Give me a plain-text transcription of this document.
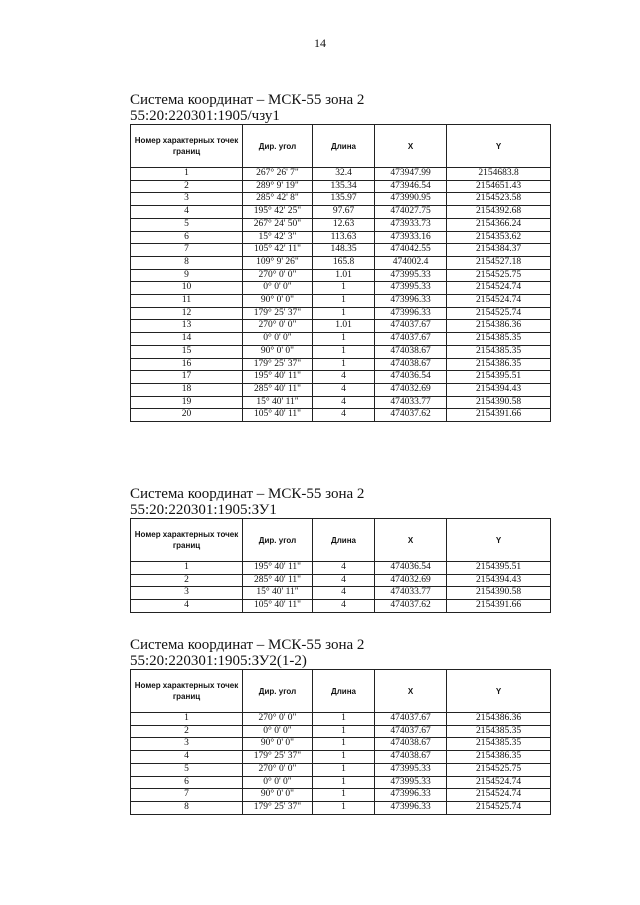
14

Система координат – МСК-55 зона 2

55:20:220301:1905/чзу1

Номер характерных точек границ	Дир. угол	Длина	X	Y
1	267° 26' 7"	32.4	473947.99	2154683.8
2	289° 9' 19"	135.34	473946.54	2154651.43
3	285° 42' 8"	135.97	473990.95	2154523.58
4	195° 42' 25"	97.67	474027.75	2154392.68
5	267° 24' 50"	12.63	473933.73	2154366.24
6	15° 42' 3"	113.63	473933.16	2154353.62
7	105° 42' 11"	148.35	474042.55	2154384.37
8	109° 9' 26"	165.8	474002.4	2154527.18
9	270° 0' 0"	1.01	473995.33	2154525.75
10	0° 0' 0"	1	473995.33	2154524.74
11	90° 0' 0"	1	473996.33	2154524.74
12	179° 25' 37"	1	473996.33	2154525.74
13	270° 0' 0"	1.01	474037.67	2154386.36
14	0° 0' 0"	1	474037.67	2154385.35
15	90° 0' 0"	1	474038.67	2154385.35
16	179° 25' 37"	1	474038.67	2154386.35
17	195° 40' 11"	4	474036.54	2154395.51
18	285° 40' 11"	4	474032.69	2154394.43
19	15° 40' 11"	4	474033.77	2154390.58
20	105° 40' 11"	4	474037.62	2154391.66

Система координат – МСК-55 зона 2

55:20:220301:1905:ЗУ1

Номер характерных точек границ	Дир. угол	Длина	X	Y
1	195° 40' 11"	4	474036.54	2154395.51
2	285° 40' 11"	4	474032.69	2154394.43
3	15° 40' 11"	4	474033.77	2154390.58
4	105° 40' 11"	4	474037.62	2154391.66

Система координат – МСК-55 зона 2

55:20:220301:1905:ЗУ2(1-2)

Номер характерных точек границ	Дир. угол	Длина	X	Y
1	270° 0' 0"	1	474037.67	2154386.36
2	0° 0' 0"	1	474037.67	2154385.35
3	90° 0' 0"	1	474038.67	2154385.35
4	179° 25' 37"	1	474038.67	2154386.35
5	270° 0' 0"	1	473995.33	2154525.75
6	0° 0' 0"	1	473995.33	2154524.74
7	90° 0' 0"	1	473996.33	2154524.74
8	179° 25' 37"	1	473996.33	2154525.74
